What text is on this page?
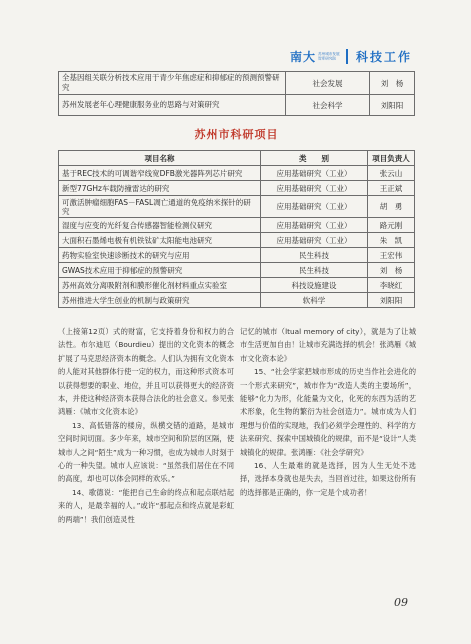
南大 苏州城市发展
智库研究院	科技工作
全基因组关联分析技术应用于青少年焦虑症和抑郁症的预测预警研究	社会发展	刘　杨
苏州发展老年心理健康服务业的思路与对策研究	社会科学	刘阳阳
苏州市科研项目
项目名称	类　　别	项目负责人
基于REC技术的可调谐窄线宽DFB激光器阵列芯片研究	应用基础研究（工业）	张云山
新型77GHz车载防撞雷达的研究	应用基础研究（工业）	王正斌
可激活肿瘤细胞FAS－FASL凋亡通道的免疫纳米探针的研究	应用基础研究（工业）	胡　勇
湿度与应变的光纤复合传感器智能检测仪研究	应用基础研究（工业）	路元刚
大面积石墨烯电极有机铁钛矿太阳能电池研究	应用基础研究（工业）	朱　凯
药物实验室快速诊断技术的研究与应用	民生科技	王宏伟
GWAS技术应用于抑郁症的预警研究	民生科技	刘　杨
苏州高效分离吸附剂和膜形催化剂材料重点实验室	科技设施建设	李晓红
苏州推进大学生创业的机制与政策研究	软科学	刘阳阳

（上接第12页）式的财富，它支持着身份和权力的合法性。布尔迪厄（Bourdieu）提出的文化资本的概念扩展了马克思经济资本的概念。人们认为拥有文化资本的人能对其他群体行使一定的权力，而这种形式资本可以获得想要的职业、地位，并且可以获得更大的经济资本，并使这种经济资本获得合法化的社会意义。参见张鸿雁：《城市文化资本论》

13、高低错落的楼房，纵横交错的道路，是城市空间时间切面。多少年来，城市空间和阶层的区隔，使城市人之间“陌生”成为一种习惯，也成为城市人时刻于心的一种失望。城市人应该说：“虽然我们居住在不同的高度，却也可以体会同样的欢乐。”

14、歌德说：“能把自己生命的终点和起点联结起来的人，是最幸福的人。”或许“那起点和终点就是彩虹的两端”！我们创造灵性

记忆的城市（ltual memory of city），就是为了让城市生活更加自由！让城市充满选择的机会！张鸿雁《城市文化资本论》

15、“社会学家把城市形成的历史当作社会进化的一个形式来研究”，城市作为“改造人类的主要场所”，能够“化力为形，化能量为文化，化死的东西为活的艺术形象，化生物的繁衍为社会创造力”。城市成为人们理想与价值的实现地，我们必须学会理性的、科学的方法来研究、探索中国城镇化的规律，而不是“设计”人类城镇化的规律。张鸿雁：《社会学研究》

16、人生最难的就是选择，因为人生无处不选择，选择本身就也是失去，当回首过往，如果这份所有的选择都是正确的，你一定是个成功者！

09
